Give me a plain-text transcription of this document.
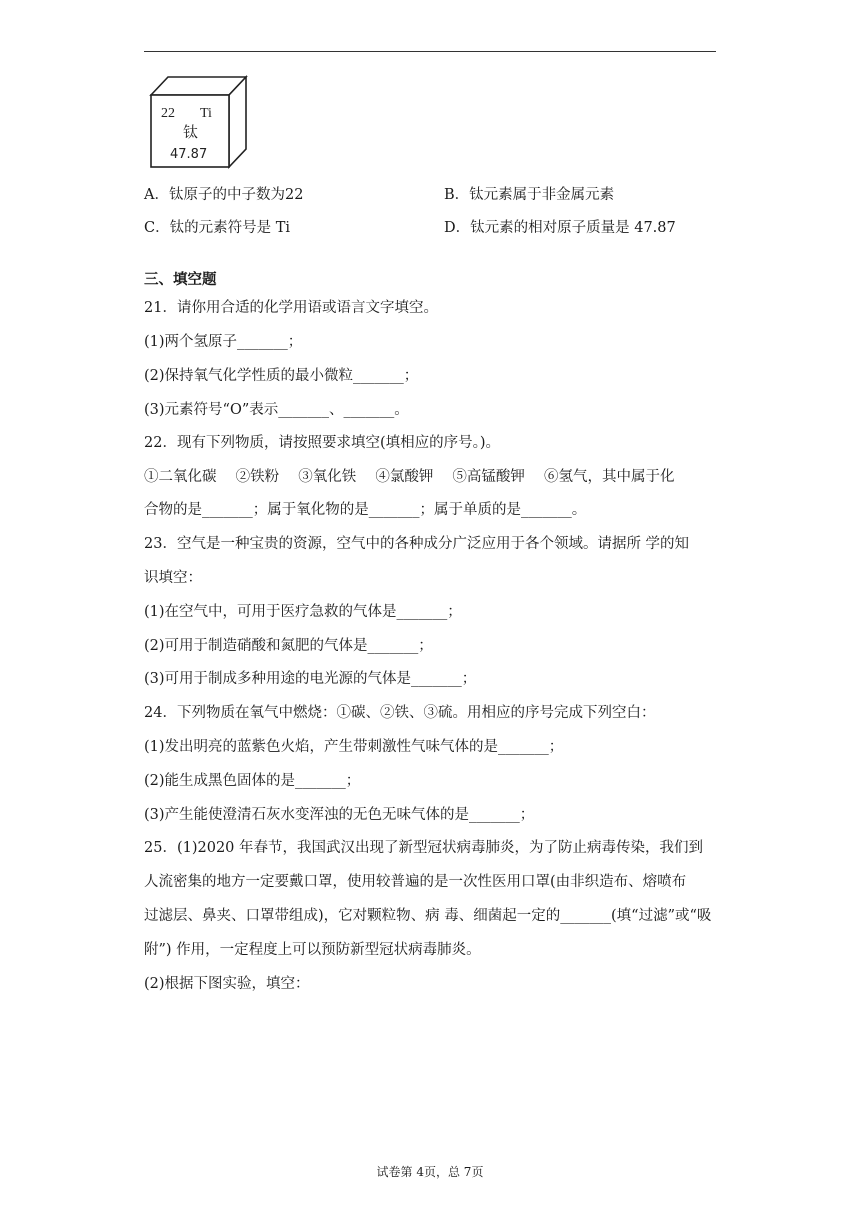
22 Ti
钛
47.87
A．钛原子的中子数为22	B．钛元素属于非金属元素
C．钛的元素符号是 Ti	D．钛元素的相对原子质量是 47.87
三、填空题
21．请你用合适的化学用语或语言文字填空。
(1)两个氢原子_______；
(2)保持氧气化学性质的最小微粒_______；
(3)元素符号“O”表示_______、_______。
22．现有下列物质，请按照要求填空(填相应的序号。)。
①二氧化碳　 ②铁粉　 ③氧化铁　 ④氯酸钾　 ⑤高锰酸钾　 ⑥氢气，其中属于化
合物的是_______；属于氧化物的是_______；属于单质的是_______。
23．空气是一种宝贵的资源，空气中的各种成分广泛应用于各个领域。请据所 学的知
识填空：
(1)在空气中，可用于医疗急救的气体是_______；
(2)可用于制造硝酸和氮肥的气体是_______；
(3)可用于制成多种用途的电光源的气体是_______；
24．下列物质在氧气中燃烧：①碳、②铁、③硫。用相应的序号完成下列空白：
(1)发出明亮的蓝紫色火焰，产生带刺激性气味气体的是_______；
(2)能生成黑色固体的是_______；
(3)产生能使澄清石灰水变浑浊的无色无味气体的是_______；
25．(1)2020 年春节，我国武汉出现了新型冠状病毒肺炎，为了防止病毒传染，我们到
人流密集的地方一定要戴口罩，使用较普遍的是一次性医用口罩(由非织造布、熔喷布
过滤层、鼻夹、口罩带组成)，它对颗粒物、病 毒、细菌起一定的_______(填“过滤”或“吸
附”) 作用，一定程度上可以预防新型冠状病毒肺炎。
(2)根据下图实验，填空：
试卷第 4页，总 7页
